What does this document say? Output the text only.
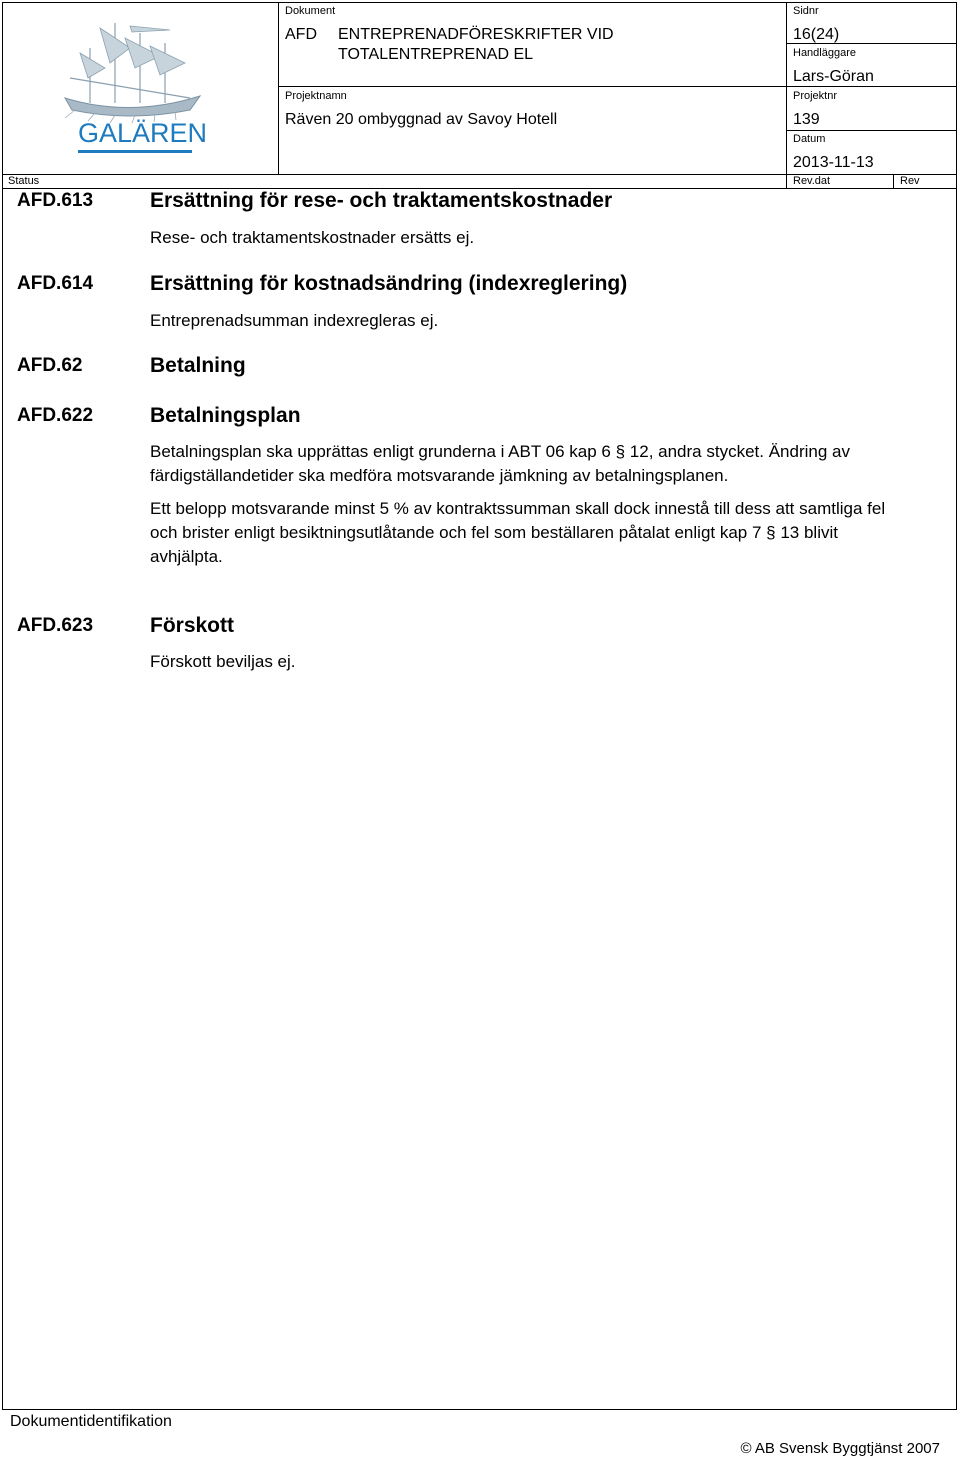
GALÄREN
Dokument
AFD ENTREPRENADFÖRESKRIFTER VID
TOTALENTREPRENAD EL
Sidnr
16(24)
Handläggare
Lars-Göran
Projektnamn
Räven 20 ombyggnad av Savoy Hotell
Projektnr
139
Datum
2013-11-13
Status	Rev.dat	Rev
AFD.613	Ersättning för rese- och traktamentskostnader
Rese- och traktamentskostnader ersätts ej.
AFD.614	Ersättning för kostnadsändring (indexreglering)
Entreprenadsumman indexregleras ej.
AFD.62	Betalning
AFD.622	Betalningsplan

Betalningsplan ska upprättas enligt grunderna i ABT 06 kap 6 § 12, andra stycket. Ändring av färdigställandetider ska medföra motsvarande jämkning av betalningsplanen.

Ett belopp motsvarande minst 5 % av kontraktssumman skall dock innestå till dess att samtliga fel och brister enligt besiktningsutlåtande och fel som beställaren påtalat enligt kap 7 § 13 blivit avhjälpta.

AFD.623	Förskott
Förskott beviljas ej.
Dokumentidentifikation
© AB Svensk Byggtjänst 2007
